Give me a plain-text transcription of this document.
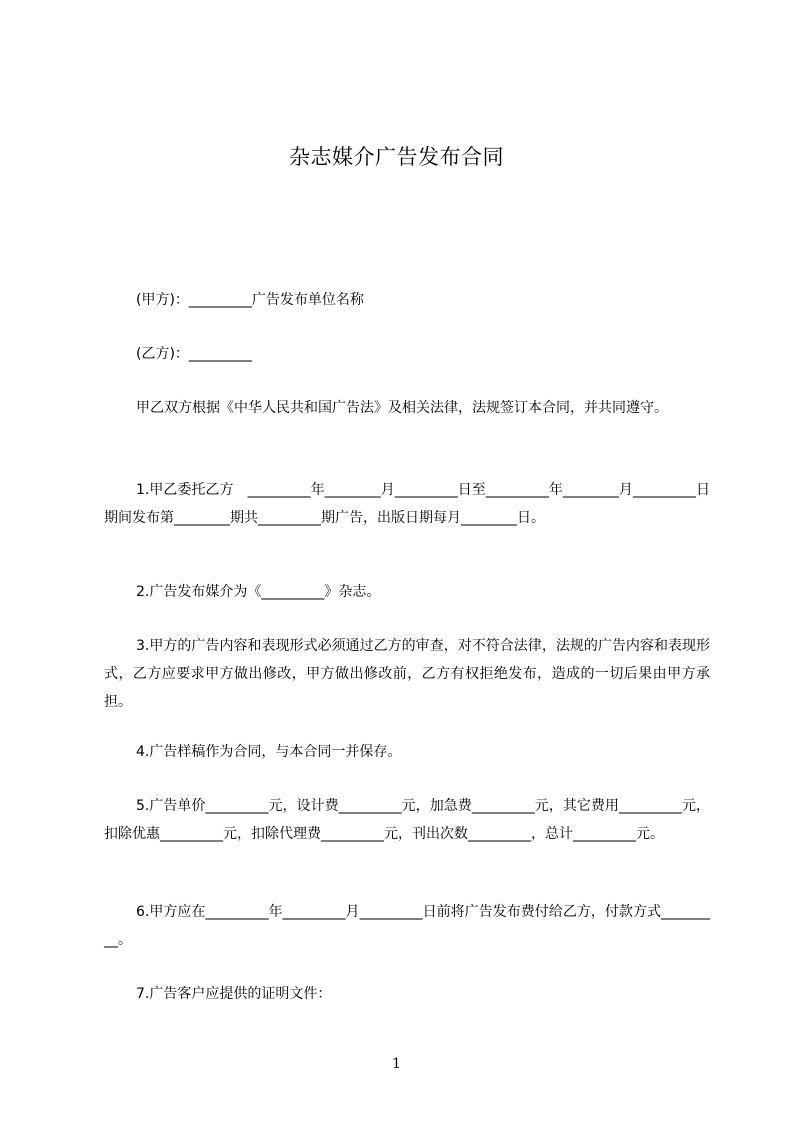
杂志媒介广告发布合同
(甲方)：_________广告发布单位名称
(乙方)：_________
甲乙双方根据《中华人民共和国广告法》及相关法律，法规签订本合同，并共同遵守。
1.甲乙委托乙方　_________年________月_________日至_________年________月_________日期间发布第________期共_________期广告，出版日期每月________日。
2.广告发布媒介为《_________》杂志。
3.甲方的广告内容和表现形式必须通过乙方的审查，对不符合法律，法规的广告内容和表现形式，乙方应要求甲方做出修改，甲方做出修改前，乙方有权拒绝发布，造成的一切后果由甲方承担。
4.广告样稿作为合同，与本合同一并保存。
5.广告单价_________元，设计费_________元，加急费_________元，其它费用_________元，扣除优惠_________元，扣除代理费_________元，刊出次数_________，总计_________元。
6.甲方应在_________年_________月_________日前将广告发布费付给乙方，付款方式_________。
7.广告客户应提供的证明文件：
1
